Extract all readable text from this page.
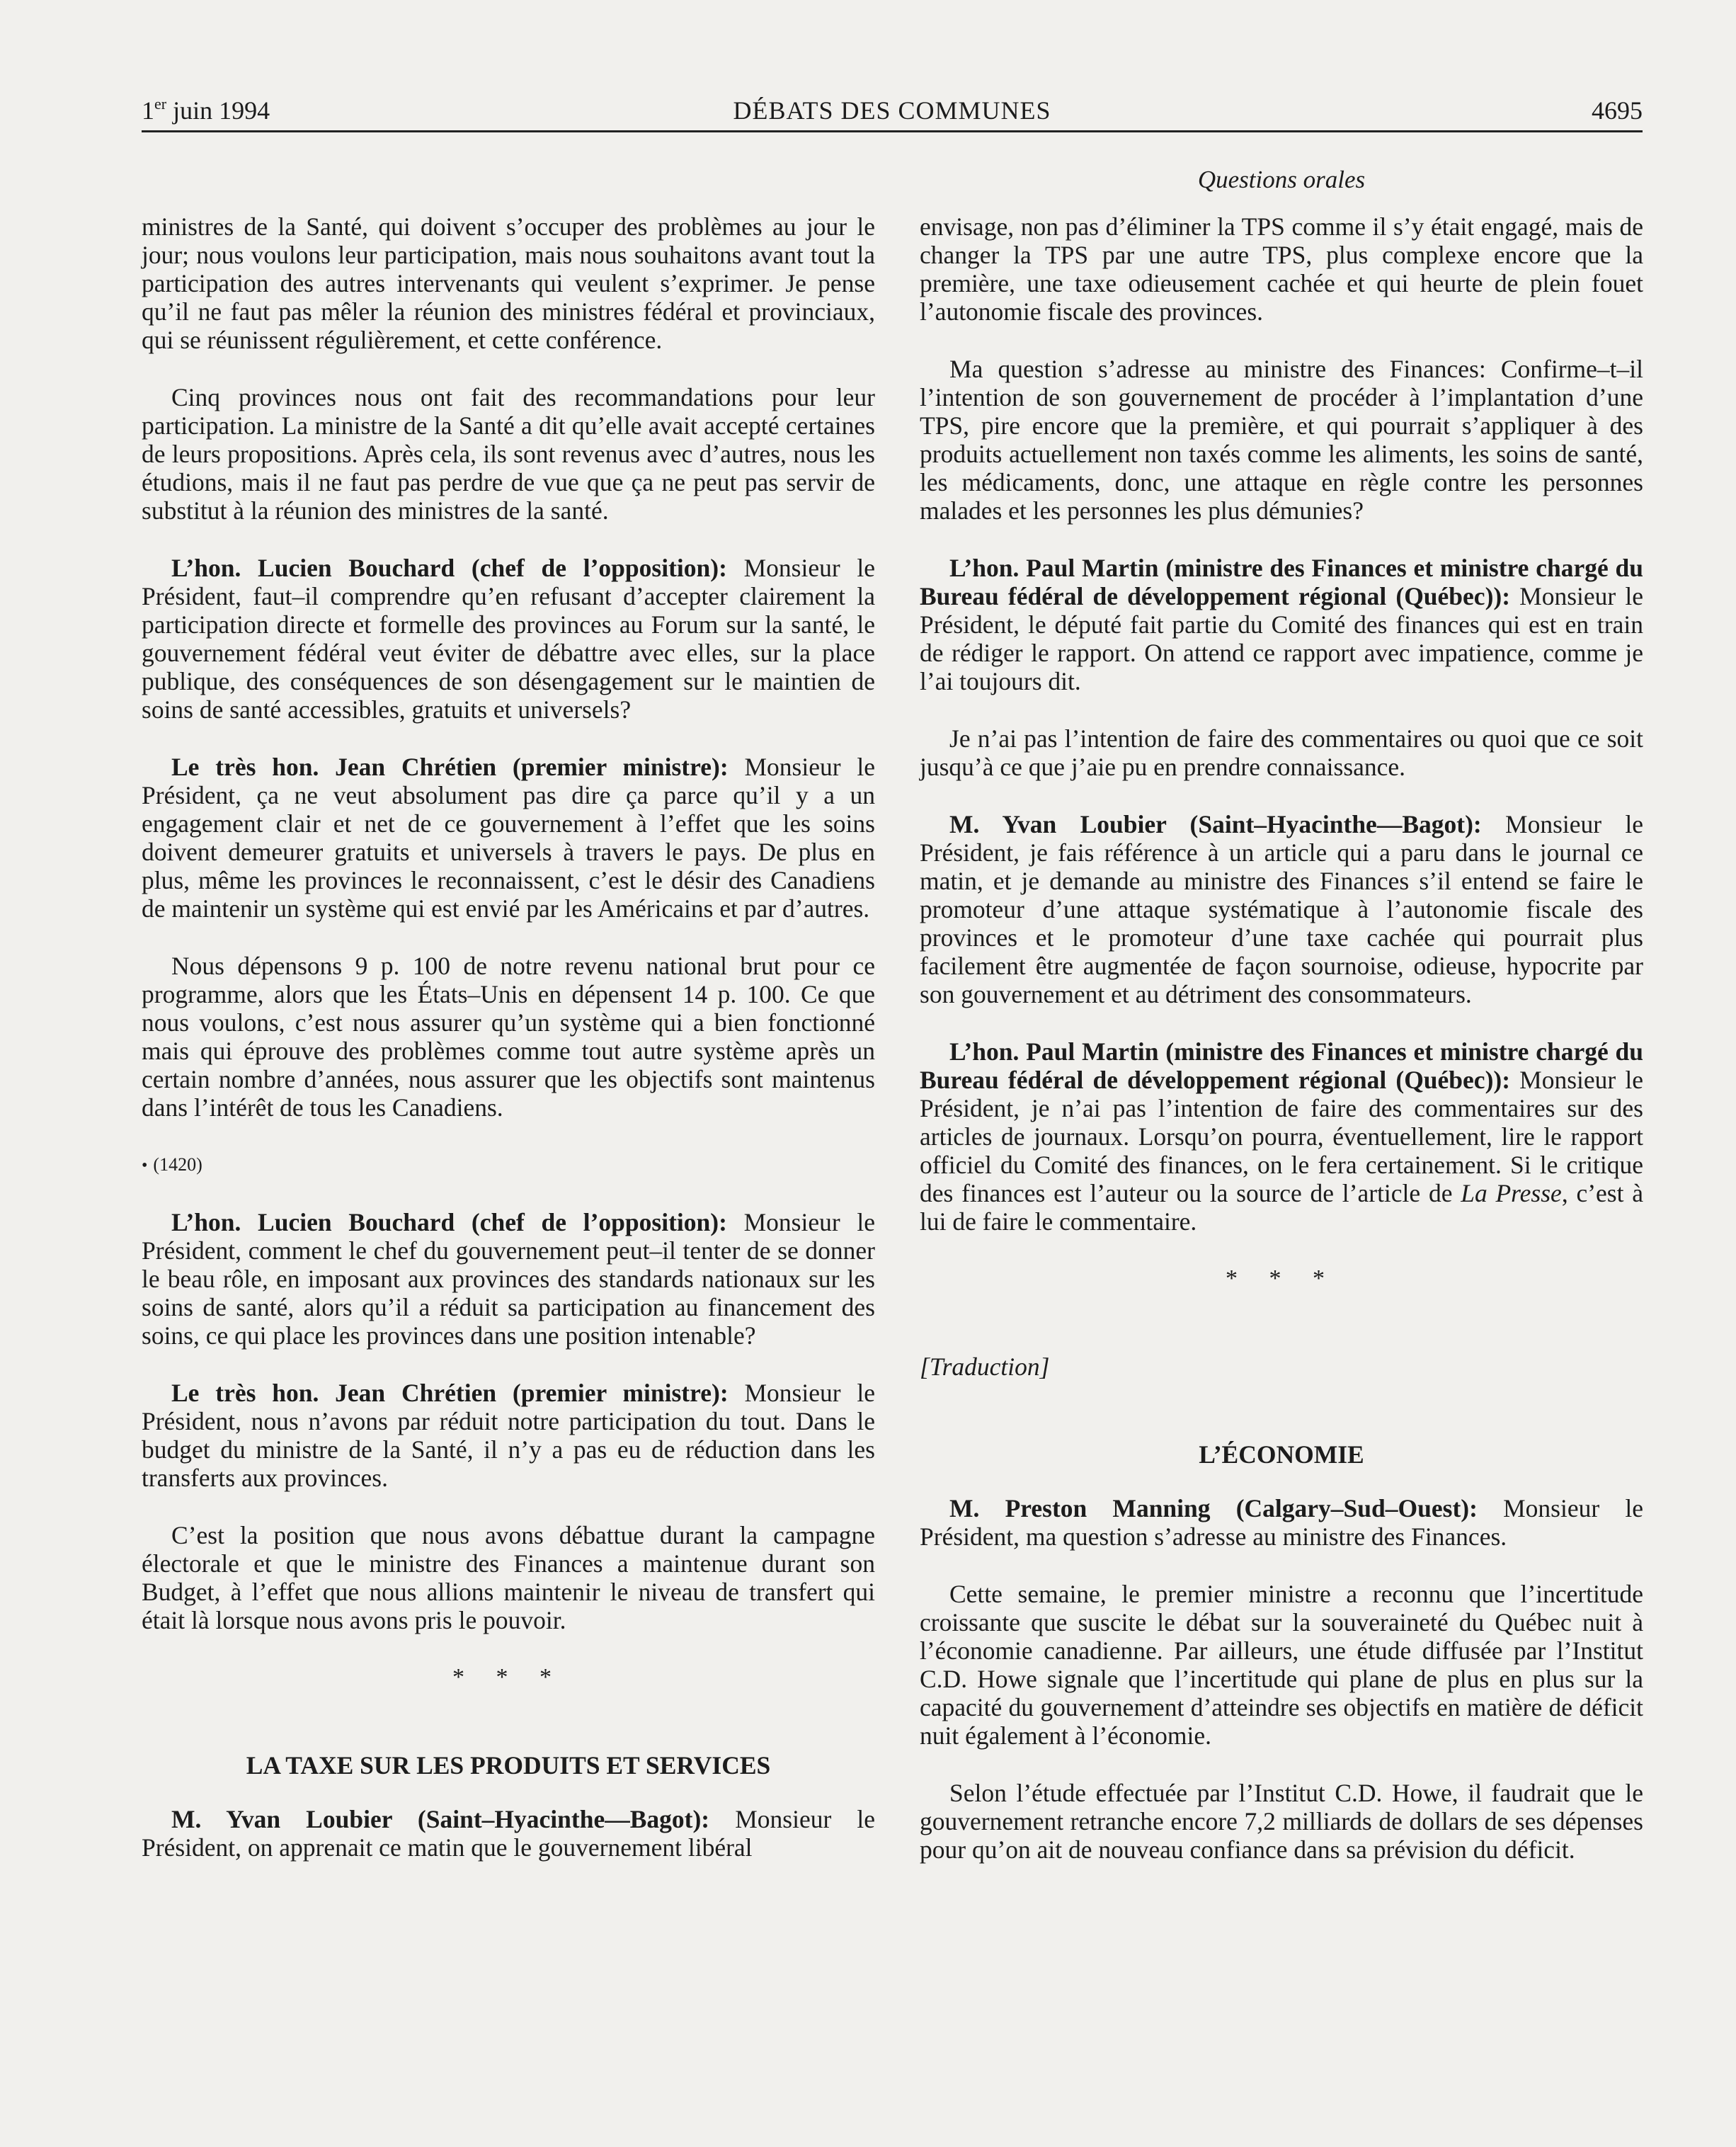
1er juin 1994	DÉBATS DES COMMUNES	4695
Questions orales

ministres de la Santé, qui doivent s’occuper des problèmes au jour le jour; nous voulons leur participation, mais nous souhaitons avant tout la participation des autres intervenants qui veulent s’exprimer. Je pense qu’il ne faut pas mêler la réunion des ministres fédéral et provinciaux, qui se réunissent régulièrement, et cette conférence.

Cinq provinces nous ont fait des recommandations pour leur participation. La ministre de la Santé a dit qu’elle avait accepté certaines de leurs propositions. Après cela, ils sont revenus avec d’autres, nous les étudions, mais il ne faut pas perdre de vue que ça ne peut pas servir de substitut à la réunion des ministres de la santé.

L’hon. Lucien Bouchard (chef de l’opposition): Monsieur le Président, faut–il comprendre qu’en refusant d’accepter clairement la participation directe et formelle des provinces au Forum sur la santé, le gouvernement fédéral veut éviter de débattre avec elles, sur la place publique, des conséquences de son désengagement sur le maintien de soins de santé accessibles, gratuits et universels?

Le très hon. Jean Chrétien (premier ministre): Monsieur le Président, ça ne veut absolument pas dire ça parce qu’il y a un engagement clair et net de ce gouvernement à l’effet que les soins doivent demeurer gratuits et universels à travers le pays. De plus en plus, même les provinces le reconnaissent, c’est le désir des Canadiens de maintenir un système qui est envié par les Américains et par d’autres.

Nous dépensons 9 p. 100 de notre revenu national brut pour ce programme, alors que les États–Unis en dépensent 14 p. 100. Ce que nous voulons, c’est nous assurer qu’un système qui a bien fonctionné mais qui éprouve des problèmes comme tout autre système après un certain nombre d’années, nous assurer que les objectifs sont maintenus dans l’intérêt de tous les Canadiens.

• (1420)

L’hon. Lucien Bouchard (chef de l’opposition): Monsieur le Président, comment le chef du gouvernement peut–il tenter de se donner le beau rôle, en imposant aux provinces des standards nationaux sur les soins de santé, alors qu’il a réduit sa participation au financement des soins, ce qui place les provinces dans une position intenable?

Le très hon. Jean Chrétien (premier ministre): Monsieur le Président, nous n’avons par réduit notre participation du tout. Dans le budget du ministre de la Santé, il n’y a pas eu de réduction dans les transferts aux provinces.

C’est la position que nous avons débattue durant la campagne électorale et que le ministre des Finances a maintenue durant son Budget, à l’effet que nous allions maintenir le niveau de transfert qui était là lorsque nous avons pris le pouvoir.

* * *
LA TAXE SUR LES PRODUITS ET SERVICES

M. Yvan Loubier (Saint–Hyacinthe—Bagot): Monsieur le Président, on apprenait ce matin que le gouvernement libéral

envisage, non pas d’éliminer la TPS comme il s’y était engagé, mais de changer la TPS par une autre TPS, plus complexe encore que la première, une taxe odieusement cachée et qui heurte de plein fouet l’autonomie fiscale des provinces.

Ma question s’adresse au ministre des Finances: Confirme–t–il l’intention de son gouvernement de procéder à l’implantation d’une TPS, pire encore que la première, et qui pourrait s’appliquer à des produits actuellement non taxés comme les aliments, les soins de santé, les médicaments, donc, une attaque en règle contre les personnes malades et les personnes les plus démunies?

L’hon. Paul Martin (ministre des Finances et ministre chargé du Bureau fédéral de développement régional (Québec)): Monsieur le Président, le député fait partie du Comité des finances qui est en train de rédiger le rapport. On attend ce rapport avec impatience, comme je l’ai toujours dit.

Je n’ai pas l’intention de faire des commentaires ou quoi que ce soit jusqu’à ce que j’aie pu en prendre connaissance.

M. Yvan Loubier (Saint–Hyacinthe—Bagot): Monsieur le Président, je fais référence à un article qui a paru dans le journal ce matin, et je demande au ministre des Finances s’il entend se faire le promoteur d’une attaque systématique à l’autonomie fiscale des provinces et le promoteur d’une taxe cachée qui pourrait plus facilement être augmentée de façon sournoise, odieuse, hypocrite par son gouvernement et au détriment des consommateurs.

L’hon. Paul Martin (ministre des Finances et ministre chargé du Bureau fédéral de développement régional (Québec)): Monsieur le Président, je n’ai pas l’intention de faire des commentaires sur des articles de journaux. Lorsqu’on pourra, éventuellement, lire le rapport officiel du Comité des finances, on le fera certainement. Si le critique des finances est l’auteur ou la source de l’article de La Presse, c’est à lui de faire le commentaire.

* * *
[Traduction]
L’ÉCONOMIE

M. Preston Manning (Calgary–Sud–Ouest): Monsieur le Président, ma question s’adresse au ministre des Finances.

Cette semaine, le premier ministre a reconnu que l’incertitude croissante que suscite le débat sur la souveraineté du Québec nuit à l’économie canadienne. Par ailleurs, une étude diffusée par l’Institut C.D. Howe signale que l’incertitude qui plane de plus en plus sur la capacité du gouvernement d’atteindre ses objectifs en matière de déficit nuit également à l’économie.

Selon l’étude effectuée par l’Institut C.D. Howe, il faudrait que le gouvernement retranche encore 7,2 milliards de dollars de ses dépenses pour qu’on ait de nouveau confiance dans sa prévision du déficit.
